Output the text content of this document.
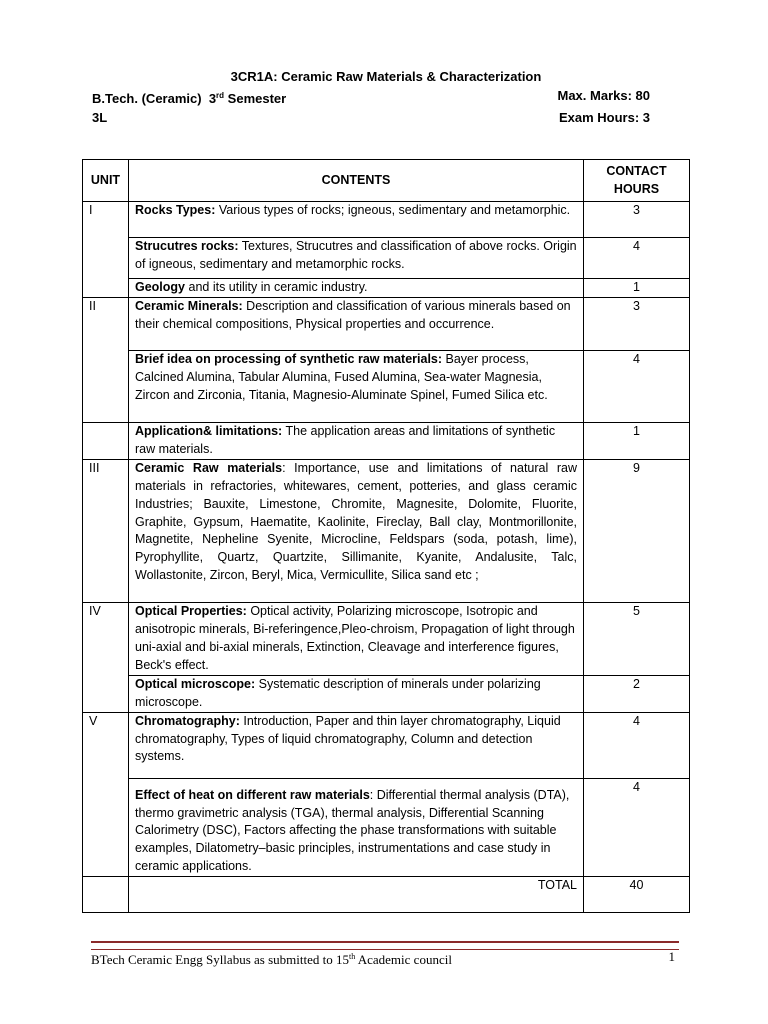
3CR1A: Ceramic Raw Materials & Characterization
B.Tech. (Ceramic) 3rd Semester	Max. Marks: 80
3L	Exam Hours: 3
UNIT	CONTENTS	CONTACT
HOURS
I	Rocks Types: Various types of rocks; igneous, sedimentary and metamorphic.	3
	Strucutres rocks: Textures, Strucutres and classification of above rocks. Origin of igneous, sedimentary and metamorphic rocks.	4
	Geology and its utility in ceramic industry.	1
II	Ceramic Minerals: Description and classification of various minerals based on their chemical compositions, Physical properties and occurrence.	3
	Brief idea on processing of synthetic raw materials: Bayer process, Calcined Alumina, Tabular Alumina, Fused Alumina, Sea-water Magnesia, Zircon and Zirconia, Titania, Magnesio-Aluminate Spinel, Fumed Silica etc.	4
	Application& limitations: The application areas and limitations of synthetic raw materials.	1
III	Ceramic Raw materials: Importance, use and limitations of natural raw materials in refractories, whitewares, cement, potteries, and glass ceramic Industries; Bauxite, Limestone, Chromite, Magnesite, Dolomite, Fluorite, Graphite, Gypsum, Haematite, Kaolinite, Fireclay, Ball clay, Montmorillonite, Magnetite, Nepheline Syenite, Microcline, Feldspars (soda, potash, lime), Pyrophyllite, Quartz, Quartzite, Sillimanite, Kyanite, Andalusite, Talc, Wollastonite, Zircon, Beryl, Mica, Vermicullite, Silica sand etc ;	9
IV	Optical Properties: Optical activity, Polarizing microscope, Isotropic and anisotropic minerals, Bi-referingence,Pleo-chroism, Propagation of light through uni-axial and bi-axial minerals, Extinction, Cleavage and interference figures, Beck's effect.	5
	Optical microscope: Systematic description of minerals under polarizing microscope.	2
V	Chromatography: Introduction, Paper and thin layer chromatography, Liquid chromatography, Types of liquid chromatography, Column and detection systems.	4
	Effect of heat on different raw materials: Differential thermal analysis (DTA), thermo gravimetric analysis (TGA), thermal analysis, Differential Scanning Calorimetry (DSC), Factors affecting the phase transformations with suitable examples, Dilatometry–basic principles, instrumentations and case study in ceramic applications.	4
	TOTAL	40
BTech Ceramic Engg Syllabus as submitted to 15th Academic council	1
